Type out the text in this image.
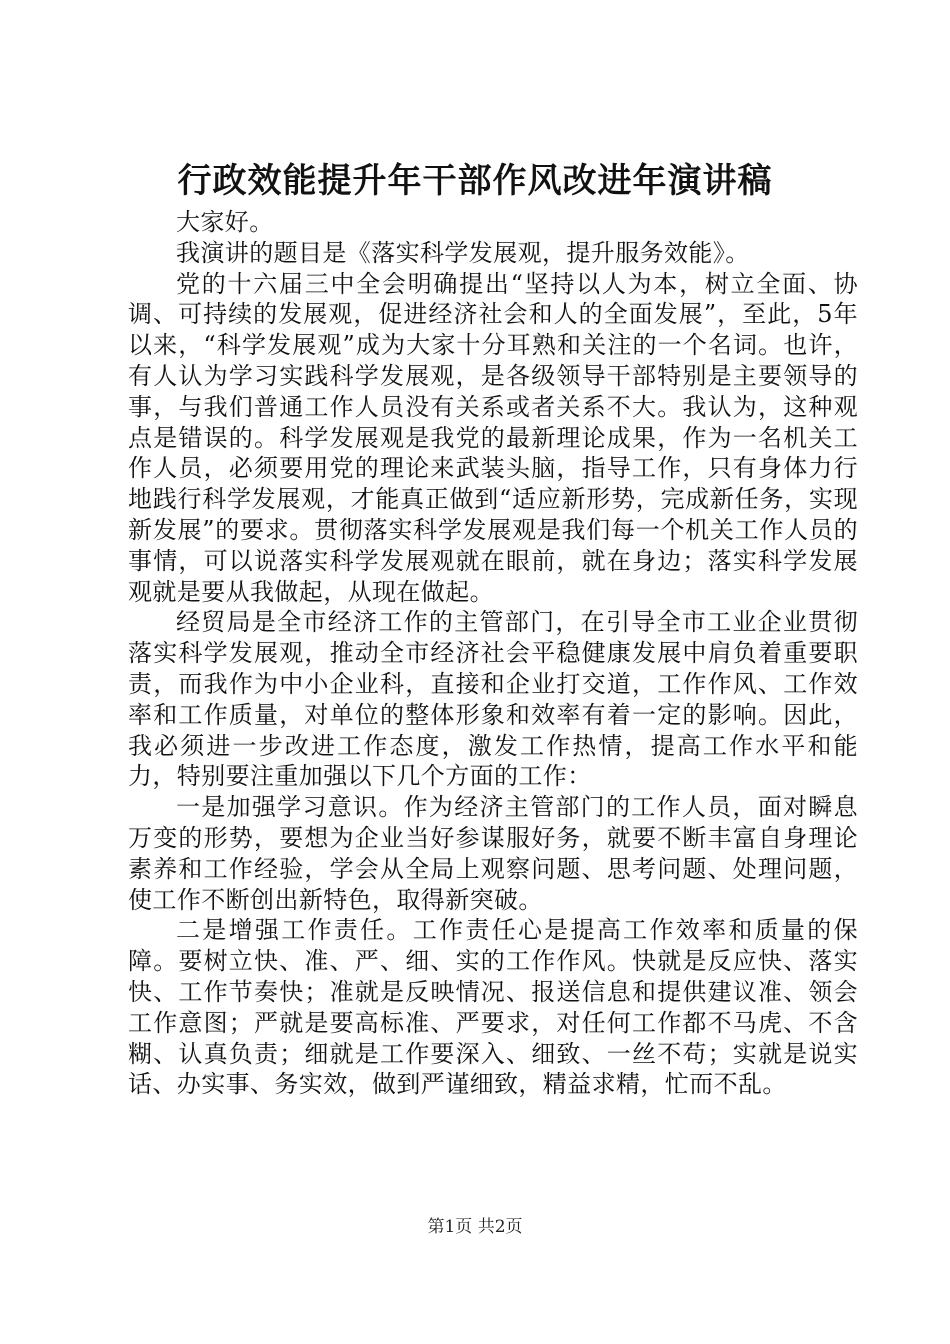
行政效能提升年干部作风改进年演讲稿

大家好。

我演讲的题目是《落实科学发展观，提升服务效能》。

党的十六届三中全会明确提出“坚持以人为本，树立全面、协调、可持续的发展观，促进经济社会和人的全面发展”，至此，5年以来，“科学发展观”成为大家十分耳熟和关注的一个名词。也许，有人认为学习实践科学发展观，是各级领导干部特别是主要领导的事，与我们普通工作人员没有关系或者关系不大。我认为，这种观点是错误的。科学发展观是我党的最新理论成果，作为一名机关工作人员，必须要用党的理论来武装头脑，指导工作，只有身体力行地践行科学发展观，才能真正做到“适应新形势，完成新任务，实现新发展”的要求。贯彻落实科学发展观是我们每一个机关工作人员的事情，可以说落实科学发展观就在眼前，就在身边；落实科学发展观就是要从我做起，从现在做起。

经贸局是全市经济工作的主管部门，在引导全市工业企业贯彻落实科学发展观，推动全市经济社会平稳健康发展中肩负着重要职责，而我作为中小企业科，直接和企业打交道，工作作风、工作效率和工作质量，对单位的整体形象和效率有着一定的影响。因此，我必须进一步改进工作态度，激发工作热情，提高工作水平和能力，特别要注重加强以下几个方面的工作：

一是加强学习意识。作为经济主管部门的工作人员，面对瞬息万变的形势，要想为企业当好参谋服好务，就要不断丰富自身理论素养和工作经验，学会从全局上观察问题、思考问题、处理问题，使工作不断创出新特色，取得新突破。

二是增强工作责任。工作责任心是提高工作效率和质量的保障。要树立快、准、严、细、实的工作作风。快就是反应快、落实快、工作节奏快；准就是反映情况、报送信息和提供建议准、领会工作意图；严就是要高标准、严要求，对任何工作都不马虎、不含糊、认真负责；细就是工作要深入、细致、一丝不苟；实就是说实话、办实事、务实效，做到严谨细致，精益求精，忙而不乱。

第1页 共2页
